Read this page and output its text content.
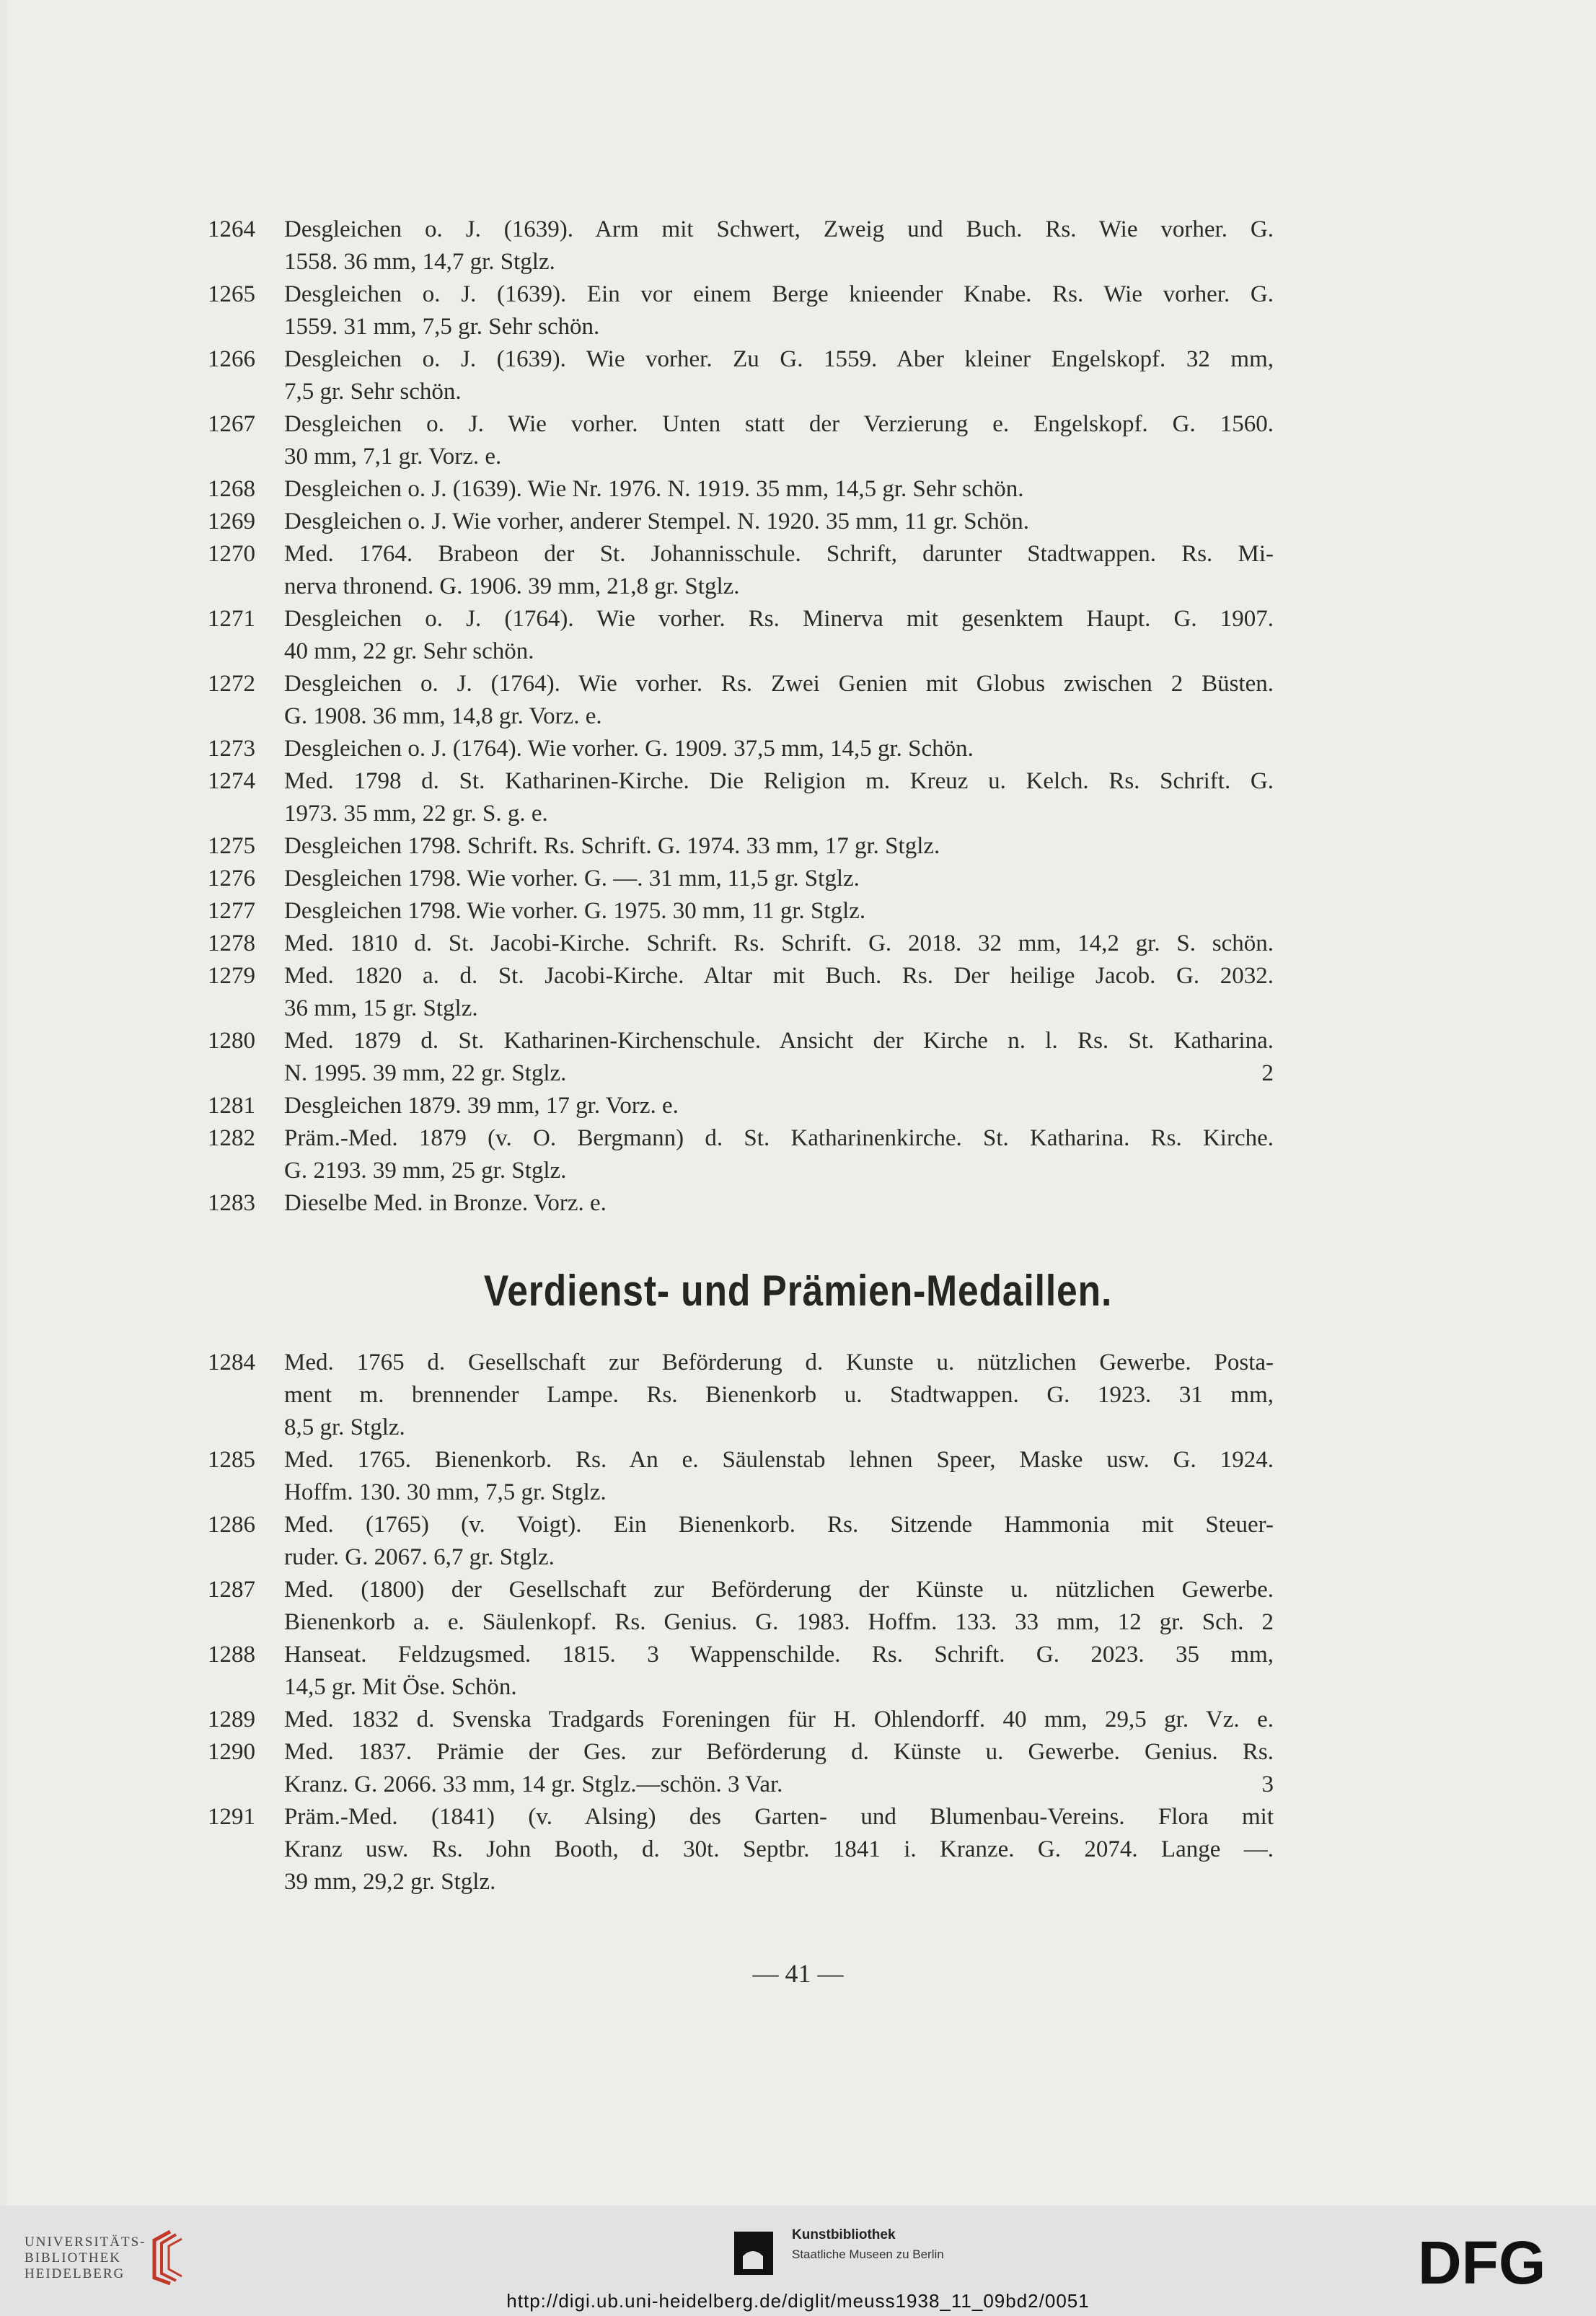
1264	Desgleichen o. J. (1639). Arm mit Schwert, Zweig und Buch. Rs. Wie vorher. G.
1558. 36 mm, 14,7 gr. Stglz.
1265	Desgleichen o. J. (1639). Ein vor einem Berge knieender Knabe. Rs. Wie vorher. G.
1559. 31 mm, 7,5 gr. Sehr schön.
1266	Desgleichen o. J. (1639). Wie vorher. Zu G. 1559. Aber kleiner Engelskopf. 32 mm,
7,5 gr. Sehr schön.
1267	Desgleichen o. J. Wie vorher. Unten statt der Verzierung e. Engelskopf. G. 1560.
30 mm, 7,1 gr. Vorz. e.
1268	Desgleichen o. J. (1639). Wie Nr. 1976. N. 1919. 35 mm, 14,5 gr. Sehr schön.
1269	Desgleichen o. J. Wie vorher, anderer Stempel. N. 1920. 35 mm, 11 gr. Schön.
1270	Med. 1764. Brabeon der St. Johannisschule. Schrift, darunter Stadtwappen. Rs. Mi-
nerva thronend. G. 1906. 39 mm, 21,8 gr. Stglz.
1271	Desgleichen o. J. (1764). Wie vorher. Rs. Minerva mit gesenktem Haupt. G. 1907.
40 mm, 22 gr. Sehr schön.
1272	Desgleichen o. J. (1764). Wie vorher. Rs. Zwei Genien mit Globus zwischen 2 Büsten.
G. 1908. 36 mm, 14,8 gr. Vorz. e.
1273	Desgleichen o. J. (1764). Wie vorher. G. 1909. 37,5 mm, 14,5 gr. Schön.
1274	Med. 1798 d. St. Katharinen-Kirche. Die Religion m. Kreuz u. Kelch. Rs. Schrift. G.
1973. 35 mm, 22 gr. S. g. e.
1275	Desgleichen 1798. Schrift. Rs. Schrift. G. 1974. 33 mm, 17 gr. Stglz.
1276	Desgleichen 1798. Wie vorher. G. —. 31 mm, 11,5 gr. Stglz.
1277	Desgleichen 1798. Wie vorher. G. 1975. 30 mm, 11 gr. Stglz.
1278	Med. 1810 d. St. Jacobi-Kirche. Schrift. Rs. Schrift. G. 2018. 32 mm, 14,2 gr. S. schön.
1279	Med. 1820 a. d. St. Jacobi-Kirche. Altar mit Buch. Rs. Der heilige Jacob. G. 2032.
36 mm, 15 gr. Stglz.
1280	Med. 1879 d. St. Katharinen-Kirchenschule. Ansicht der Kirche n. l. Rs. St. Katharina.
N. 1995. 39 mm, 22 gr. Stglz.	2
1281	Desgleichen 1879. 39 mm, 17 gr. Vorz. e.
1282	Präm.-Med. 1879 (v. O. Bergmann) d. St. Katharinenkirche. St. Katharina. Rs. Kirche.
G. 2193. 39 mm, 25 gr. Stglz.
1283	Dieselbe Med. in Bronze. Vorz. e.
Verdienst- und Prämien-Medaillen.
1284	Med. 1765 d. Gesellschaft zur Beförderung d. Kunste u. nützlichen Gewerbe. Posta-
ment m. brennender Lampe. Rs. Bienenkorb u. Stadtwappen. G. 1923. 31 mm,
8,5 gr. Stglz.
1285	Med. 1765. Bienenkorb. Rs. An e. Säulenstab lehnen Speer, Maske usw. G. 1924.
Hoffm. 130. 30 mm, 7,5 gr. Stglz.
1286	Med. (1765) (v. Voigt). Ein Bienenkorb. Rs. Sitzende Hammonia mit Steuer-
ruder. G. 2067. 6,7 gr. Stglz.
1287	Med. (1800) der Gesellschaft zur Beförderung der Künste u. nützlichen Gewerbe.
Bienenkorb a. e. Säulenkopf. Rs. Genius. G. 1983. Hoffm. 133. 33 mm, 12 gr. Sch. 2
1288	Hanseat. Feldzugsmed. 1815. 3 Wappenschilde. Rs. Schrift. G. 2023. 35 mm,
14,5 gr. Mit Öse. Schön.
1289	Med. 1832 d. Svenska Tradgards Foreningen für H. Ohlendorff. 40 mm, 29,5 gr. Vz. e.
1290	Med. 1837. Prämie der Ges. zur Beförderung d. Künste u. Gewerbe. Genius. Rs.
Kranz. G. 2066. 33 mm, 14 gr. Stglz.—schön. 3 Var.	3
1291	Präm.-Med. (1841) (v. Alsing) des Garten- und Blumenbau-Vereins. Flora mit
Kranz usw. Rs. John Booth, d. 30t. Septbr. 1841 i. Kranze. G. 2074. Lange —.
39 mm, 29,2 gr. Stglz.
— 41 —
UNIVERSITÄTS-
BIBLIOTHEK
HEIDELBERG
Kunstbibliothek
Staatliche Museen zu Berlin	DFG
http://digi.ub.uni-heidelberg.de/diglit/meuss1938_11_09bd2/0051
